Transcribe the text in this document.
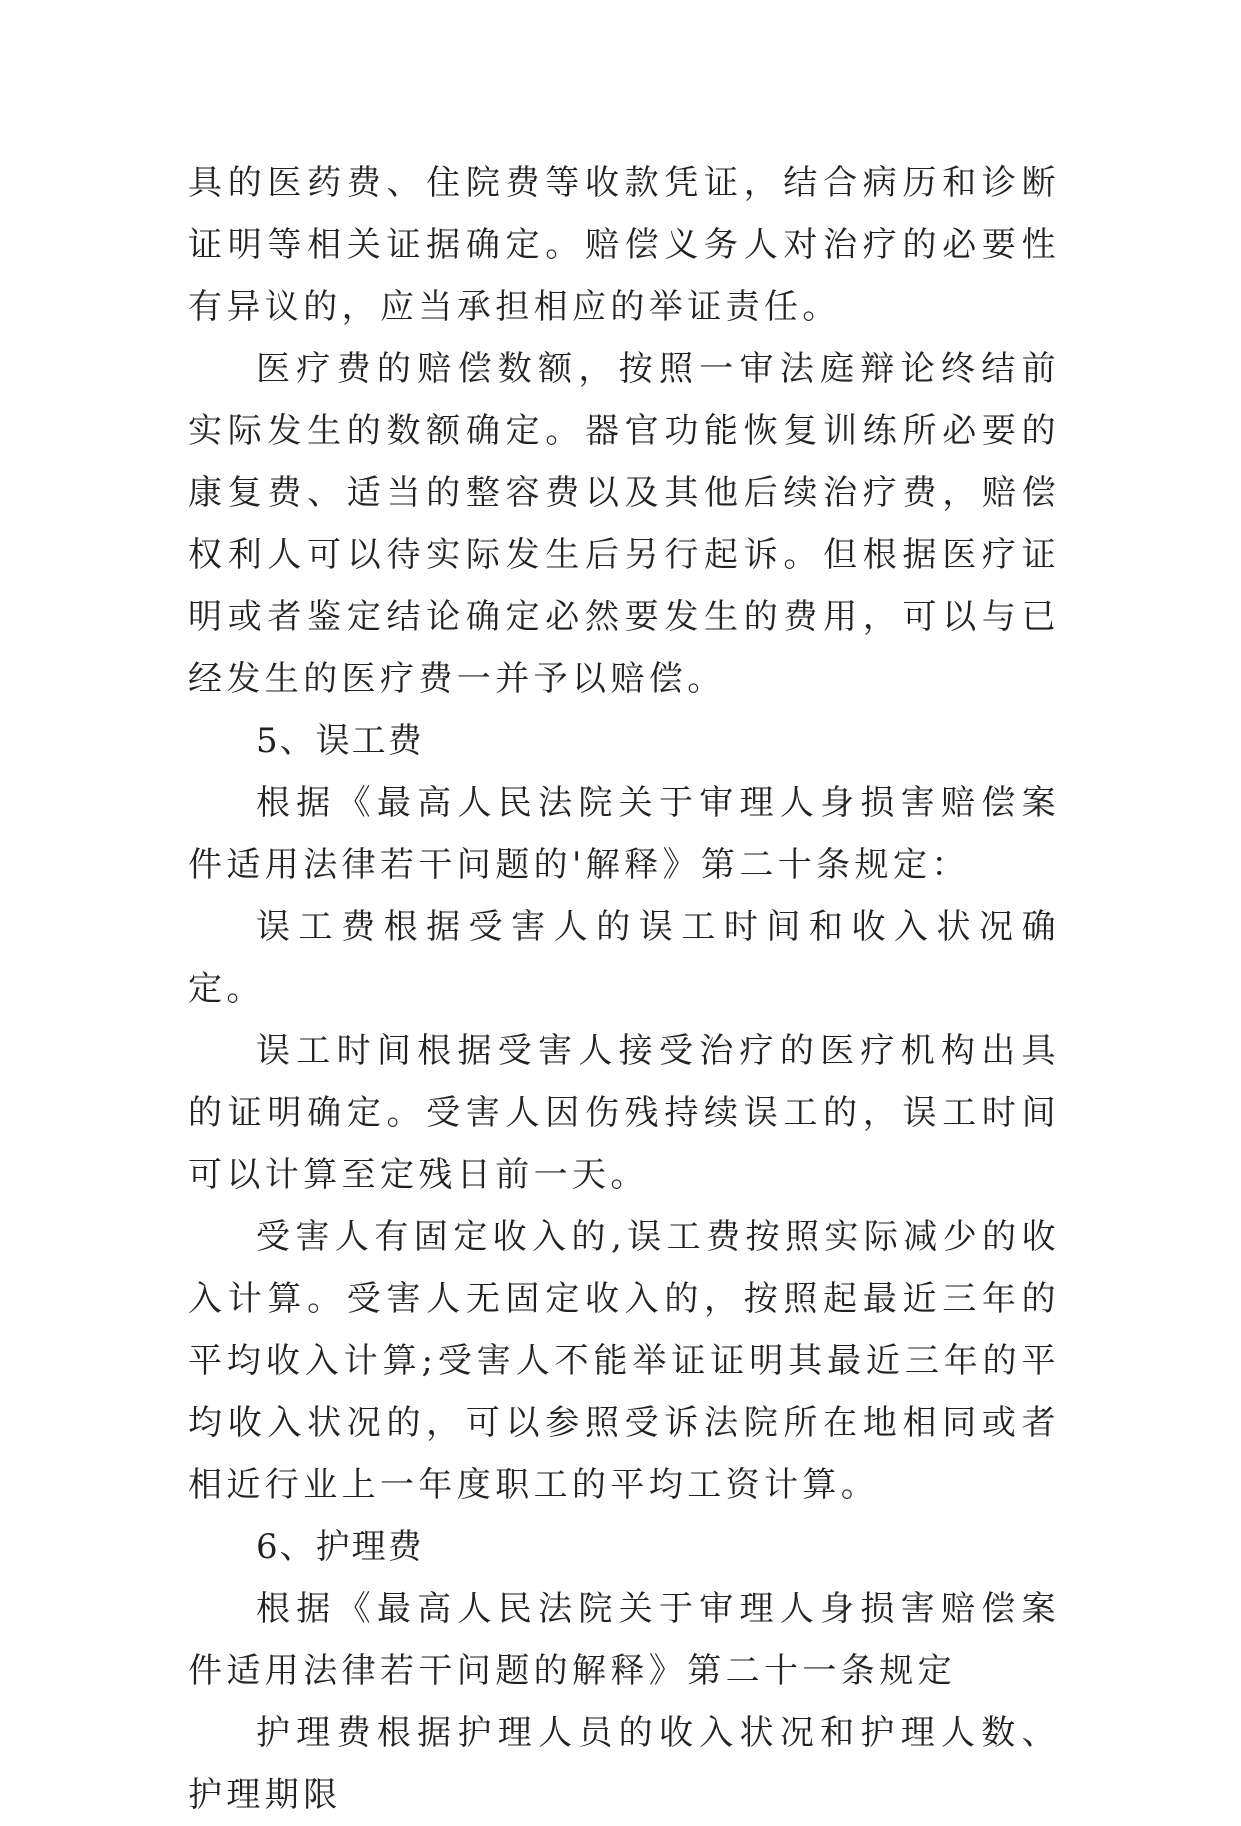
具的医药费、住院费等收款凭证，结合病历和诊断证明等相关证据确定。赔偿义务人对治疗的必要性有异议的，应当承担相应的举证责任。

医疗费的赔偿数额，按照一审法庭辩论终结前实际发生的数额确定。器官功能恢复训练所必要的康复费、适当的整容费以及其他后续治疗费，赔偿权利人可以待实际发生后另行起诉。但根据医疗证明或者鉴定结论确定必然要发生的费用，可以与已经发生的医疗费一并予以赔偿。

5、误工费

根据《最高人民法院关于审理人身损害赔偿案件适用法律若干问题的'解释》第二十条规定：

误工费根据受害人的误工时间和收入状况确定。

误工时间根据受害人接受治疗的医疗机构出具的证明确定。受害人因伤残持续误工的，误工时间可以计算至定残日前一天。

受害人有固定收入的,误工费按照实际减少的收入计算。受害人无固定收入的，按照起最近三年的平均收入计算;受害人不能举证证明其最近三年的平均收入状况的，可以参照受诉法院所在地相同或者相近行业上一年度职工的平均工资计算。

6、护理费

根据《最高人民法院关于审理人身损害赔偿案件适用法律若干问题的解释》第二十一条规定

护理费根据护理人员的收入状况和护理人数、护理期限
